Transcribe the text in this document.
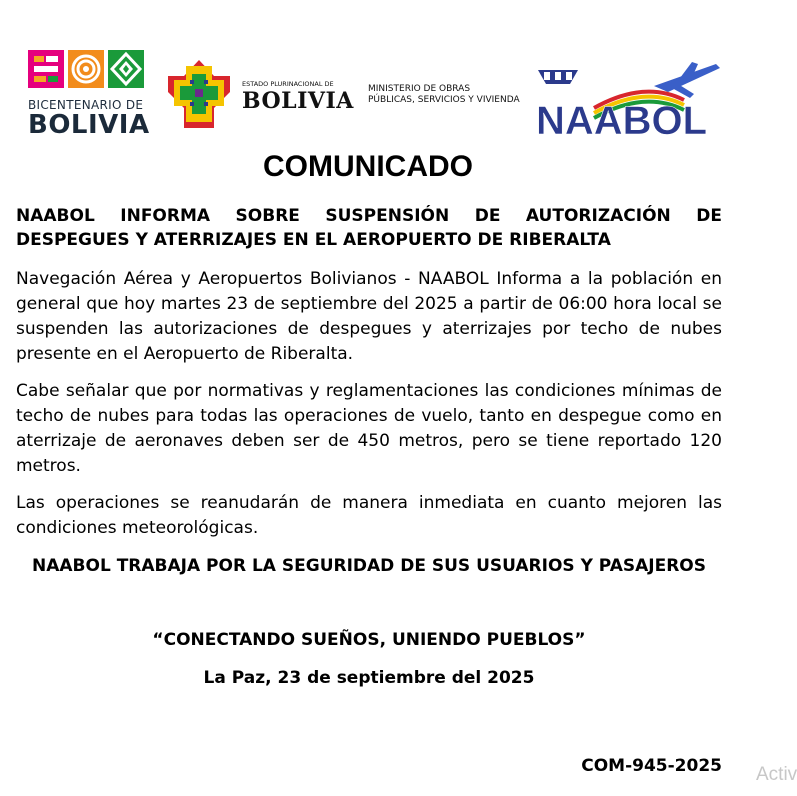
BICENTENARIO DE
BOLIVIA
ESTADO PLURINACIONAL DE
BOLIVIA MINISTERIO DE OBRAS
PÚBLICAS, SERVICIOS Y VIVIENDA NAABOL
COMUNICADO
NAABOL INFORMA SOBRE SUSPENSIÓN DE AUTORIZACIÓN DE DESPEGUES Y ATERRIZAJES EN EL AEROPUERTO DE RIBERALTA
Navegación Aérea y Aeropuertos Bolivianos - NAABOL Informa a la población en general que hoy martes 23 de septiembre del 2025 a partir de 06:00 hora local se suspenden las autorizaciones de despegues y aterrizajes por techo de nubes presente en el Aeropuerto de Riberalta.
Cabe señalar que por normativas y reglamentaciones las condiciones mínimas de techo de nubes para todas las operaciones de vuelo, tanto en despegue como en aterrizaje de aeronaves deben ser de 450 metros, pero se tiene reportado 120 metros.
Las operaciones se reanudarán de manera inmediata en cuanto mejoren las condiciones meteorológicas.
NAABOL TRABAJA POR LA SEGURIDAD DE SUS USUARIOS Y PASAJEROS
“CONECTANDO SUEÑOS, UNIENDO PUEBLOS”
La Paz, 23 de septiembre del 2025
COM-945-2025 Activ
